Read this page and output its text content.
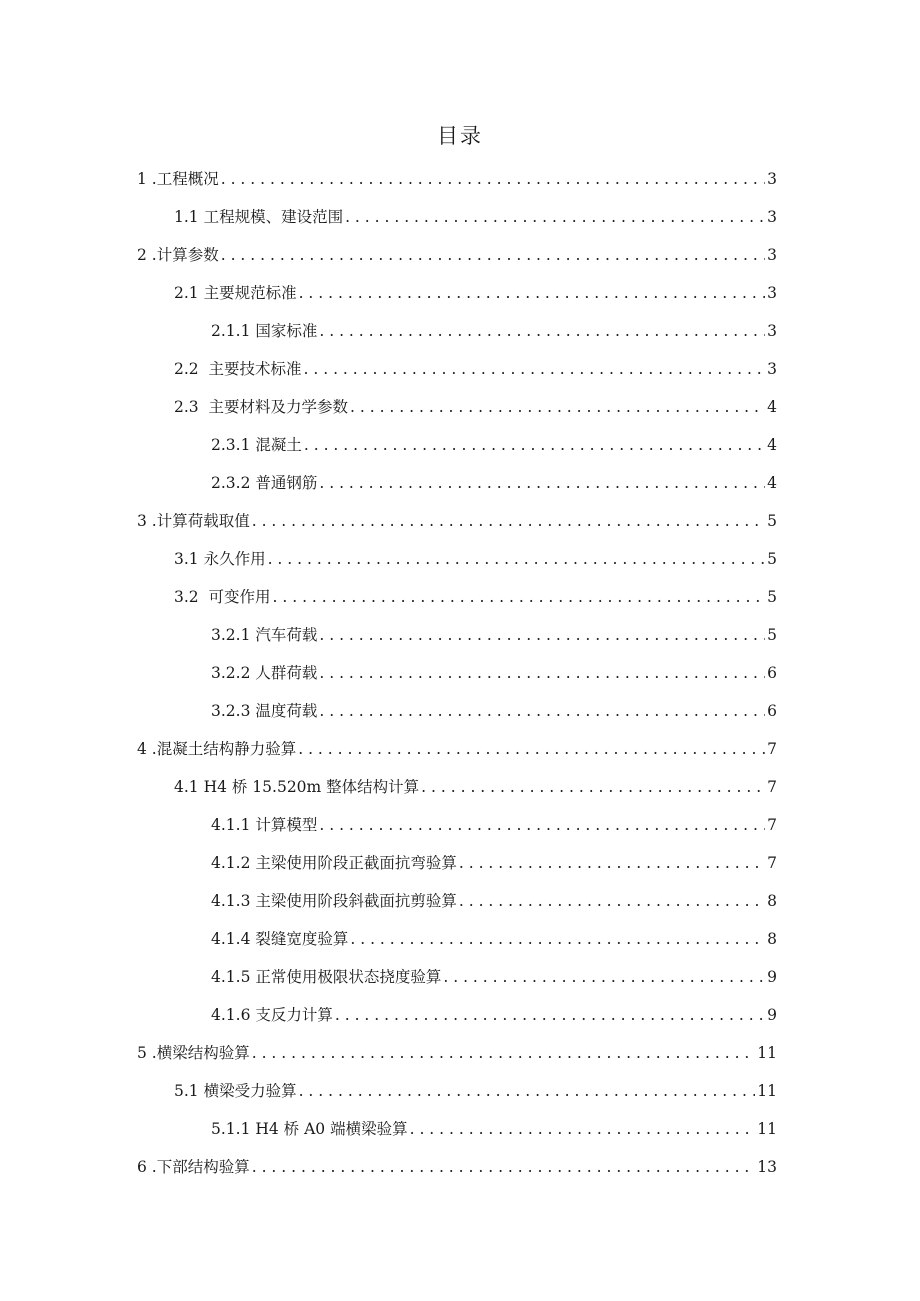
目录
1 .工程概况 . . .	3
1.1 工程规模、建设范围 . . .	3
2 .计算参数 . . .	3
2.1 主要规范标准 . . .	3
2.1.1 国家标准 . . .	3
2.2  主要技术标准 . . .	3
2.3  主要材料及力学参数 . . .	4
2.3.1 混凝土 . . .	4
2.3.2 普通钢筋 . . .	4
3 .计算荷载取值 . . .	5
3.1 永久作用 . . .	5
3.2  可变作用 . . .	5
3.2.1 汽车荷载 . . .	5
3.2.2 人群荷载 . . .	6
3.2.3 温度荷载 . . .	6
4 .混凝土结构静力验算 . . .	7
4.1 H4 桥 15.520m 整体结构计算 . . .	7
4.1.1 计算模型 . . .	7
4.1.2 主梁使用阶段正截面抗弯验算 . . .	7
4.1.3 主梁使用阶段斜截面抗剪验算 . . .	8
4.1.4 裂缝宽度验算 . . .	8
4.1.5 正常使用极限状态挠度验算 . . .	9
4.1.6 支反力计算 . . .	9
5 .横梁结构验算 . . .	11
5.1 横梁受力验算 . . .	11
5.1.1 H4 桥 A0 端横梁验算 . . .	11
6 .下部结构验算 . . .	13
